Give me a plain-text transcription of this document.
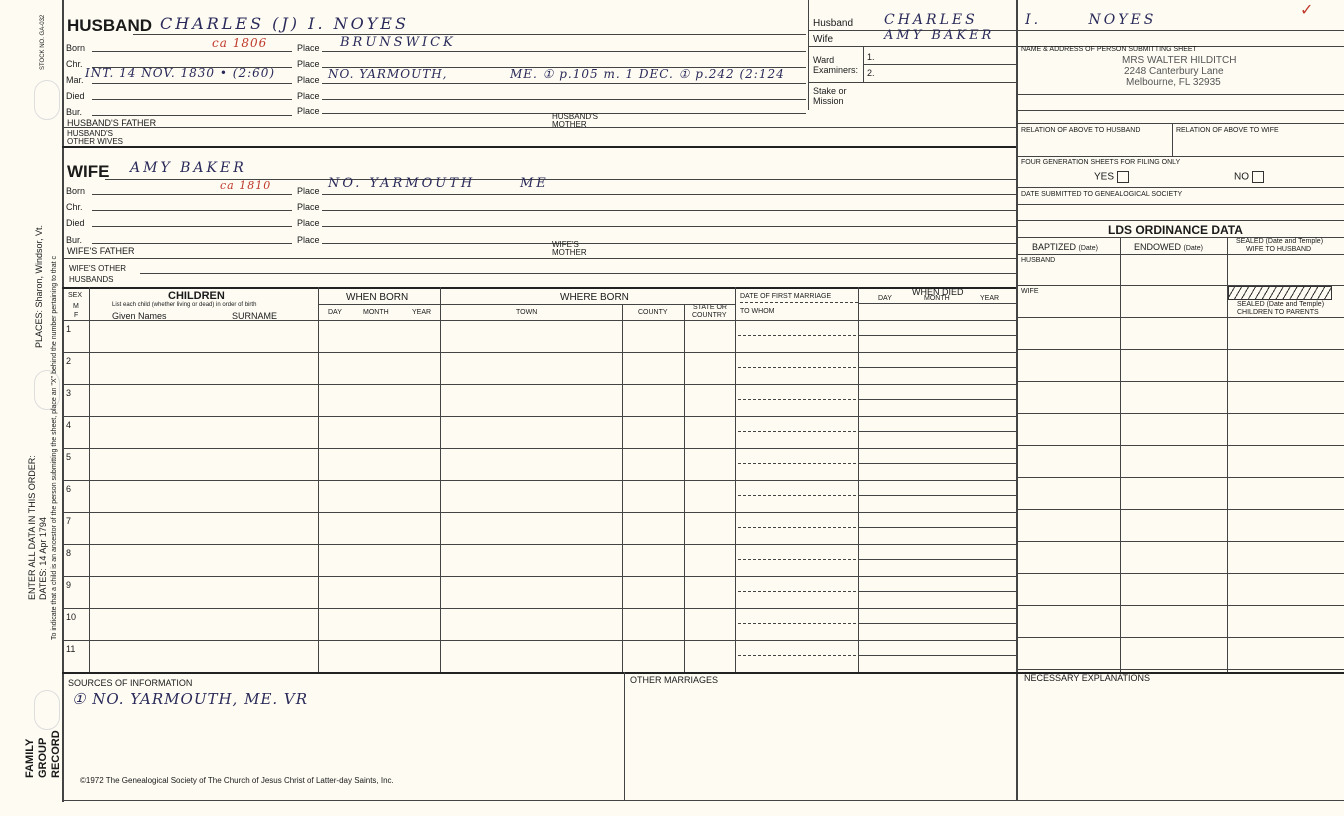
STOCK NO. GA-032
PLACES: Sharon, Windsor, Vt. To indicate that a child is an ancestor of the person submitting the sheet, place an "X" behind the number pertaining to that c
ENTER ALL DATA IN THIS ORDER: DATES: 14 Apr 1794
FAMILY GROUP RECORD
HUSBAND CHARLES (J) I. NOYES
Born	ca 1806	Place BRUNSWICK
Chr.	Place
Mar. INT. 14 NOV. 1830 • (2:60) Place NO. YARMOUTH,	ME. ① p.105 m. 1 DEC. ① p.242 (2:124
Died	Place
Bur.	Place
HUSBAND'S FATHER
HUSBAND'S
MOTHER
HUSBAND'S
OTHER WIVES
WIFE AMY BAKER
Born	ca 1810	Place NO. YARMOUTH	ME
Chr.	Place
Died	Place
Bur.	Place
WIFE'S FATHER
WIFE'S
MOTHER
WIFE'S OTHER
HUSBANDS
Husband CHARLES I. NOYES
Wife	AMY BAKER
Ward
Examiners:
1.
2.
Stake or
Mission
✓
NAME & ADDRESS OF PERSON SUBMITTING SHEET
MRS WALTER HILDITCH
2248 Canterbury Lane
Melbourne, FL 32935
RELATION OF ABOVE TO HUSBAND	RELATION OF ABOVE TO WIFE
FOUR GENERATION SHEETS FOR FILING ONLY
YES	NO
DATE SUBMITTED TO GENEALOGICAL SOCIETY
LDS ORDINANCE DATA
BAPTIZED (Date)	ENDOWED (Date)
SEALED (Date and Temple)
WIFE TO HUSBAND
HUSBAND
WIFE
SEALED (Date and Temple)
CHILDREN TO PARENTS
SEX
M
F
CHILDREN
List each child (whether living or dead) in order of birth
Given Names	SURNAME
WHEN BORN
DAY	MONTH	YEAR
WHERE BORN
TOWN	COUNTY
STATE OR
COUNTRY
DATE OF FIRST MARRIAGE
TO WHOM
WHEN DIED
DAY	MONTH	YEAR
1
2
3
4
5
6
7
8
9
10
11
SOURCES OF INFORMATION
① NO. YARMOUTH, ME. VR
OTHER MARRIAGES	NECESSARY EXPLANATIONS
©1972 The Genealogical Society of The Church of Jesus Christ of Latter-day Saints, Inc.
